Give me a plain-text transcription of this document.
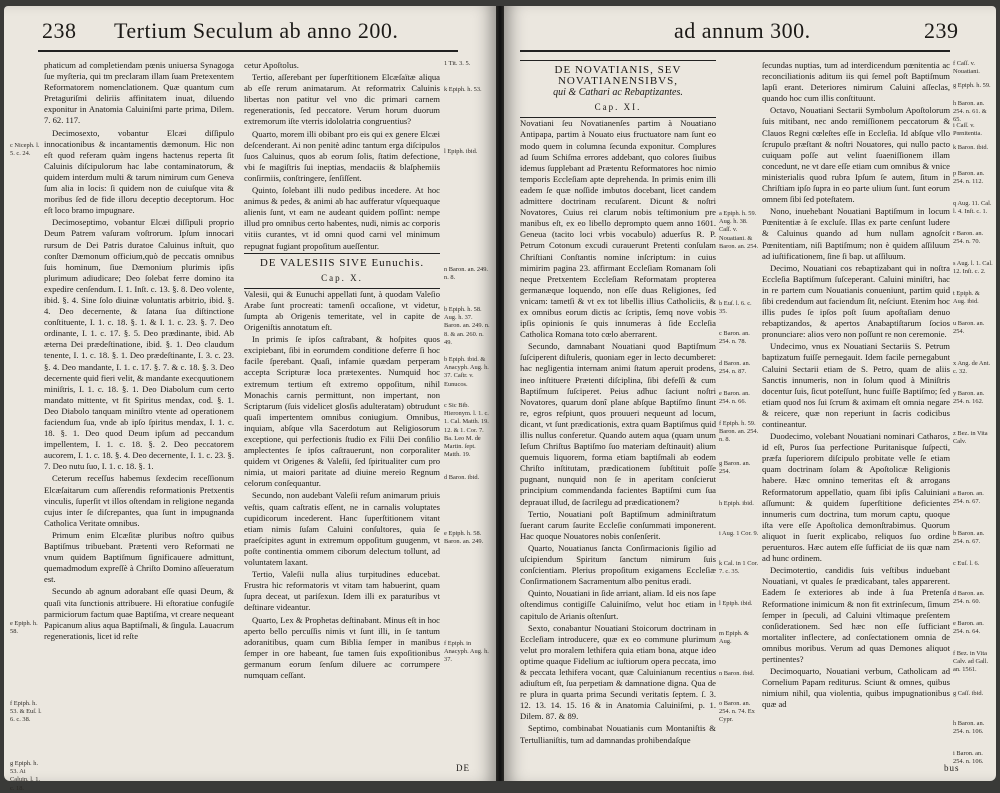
238 Tertium Seculum ab anno 200.
c Niceph. l. 5. c. 24.
e Epiph. h. 58.
f Epiph. h. 53. & Euſ. l. 6. c. 38.
g Epiph. h. 53. Ai Caluin. l. 1. c. 18.

phaticum ad completiendam pœnis uniuersa Synagoga ſue myſteria, qui tm preclaram illam ſuam Pretexentem Reformatorem nomenclationem. Quæ quantum cum Pretaguriſmi deliriis affinitatem inuat, diluendo exponitur in Anatomia Caluiniſmi parte prima, Dilem. 7. 62. 117.

Decimosexto, vobantur Elcæi diſſipulo innocationibus & incantamentis dæmonum. Hic non eſt quod referam quàm ingens hactenus reperta ſit Caluinis diſcipulorum hac labe contaminatorum, & quidem interdum multi & tarum nimirum cum Geneva ſum alia in locis: ſi quidem non de cuiuſque vita & moribus ſed de fide illoru deceptio deceptorum. Hoc eſt loco bramo impugnare.

Decimoseptimo, vobantur Elcæi diſſipuli proprio Deum Patrem vaſuram voſtrorum. Ipſum innocari rursum de Dei Patris duratoe Caluinus inſtuit, quo conſter Dæmonum officium,quò de peccatis omnibus ſuis hominum, ſiue Dæmonium plurimis ipſis plurimum adiudicare; Deo ſolebat ferre domino ita expedire cenſendum. I. 1. Inſt. c. 13. §. 8. Deo volente, ibid. §. 4. Sine ſolo diuinæ voluntatis arbitrio, ibid. §. 4. Deo decernente, & ſatana ſua diſtinctione conſtituente, I. 1. c. 18. §. 1. & I. 1. c. 23. §. 7. Deo ordinante, I. 1. c. 17. §. 5. Deo prædinante, ibid. Ab æterna Dei prædeſtinatione, ibid. §. 1. Deo claudum tenente, I. 1. c. 18. §. 1. Deo prædeſtinante, I. 3. c. 23. §. 4. Deo mandante, I. 1. c. 17. §. 7. & c. 18. §. 3. Deo decernente quid fieri velit, & mandante execquutionem miniſtris, I. 1. c. 18. §. 1. Deo Diabolum cum certo mandato mittente, vt fit Spiritus mendax, cod. §. 1. Deo Diabolo tanquam miniſtro vtente ad operationem faciendum ſua, vnde ab ipſo ſpiritus mendax, I. 1. c. 18. §. 1. Deo quod Deum ipſum ad peccandum impellentem, I. 1. c. 18. §. 2. Deo peccatorem aucorem, I. 1. c. 18. §. 4. Deo decernente, I. 1. c. 23. §. 7. Deo nutu ſuo, I. 1. c. 18. §. 1.

Ceterum receſſus habemus ſexdecim receſſionum Elcæſaitarum cum aſſerendis reformationis Pretxentis vinculis, ſuperſit vt illos oſtendam in religione neganda cujus inter ſe diſcrepantes, qua ſunt in impugnanda Catholica Veritate omnibus.

Primum enim Elcæſitæ pluribus noſtro quibus Baptiſmus tribuebant. Prætenti vero Reformati ne vnum quidem Baptiſmum ſignificauere admittunt, quemadmodum expreſſè à Chriſto Domino aſſeueratum est.

Secundo ab agnum adorabant eſſe quasi Deum, & quaſi vita ſunctionis attribuere. Hi eſtoratiue confugiſe parmiciorum factum quae Baptiſma, vt creare nequeant Papicanum alius aqua Baptiſmali, & ſingula. Lauacrum regenerationis, licet id reſte

cetur Apoſtolus.

Tertio, aſſerebant per ſuperſtitionem Elcæſaïtæ aliqua ab eſſe rerum animatarum. At reformatrix Caluinis libertas non patitur vel vno dic primari carnem regenerationis, ſed peccatore. Verum horum duorum extremorum iſte vterris idololatria congruentius?

Quarto, morem illi obibant pro eis qui ex genere Elcæi deſcenderant. Ai non penitè adinc tantum erga diſcipulos ſuos Caluinus, quos ab eorum ſolis, ſtatim defectione, vbi ſe magiſtris ſui ineptias, mendaciis & blaſphemiis conſirmiis, conſtringere, ſenſiſſent.

Quinto, ſolebant illi nudo pedibus incedere. At hoc animus & pedes, & animi ab hac aufferatur vſquequaque alienis ſunt, vt eam ne audeant quidem poſſint: nempe illud pro omnibus certo habentes, nudi, nimis ac corporis vitiis curantes, vt id omni quod carni vel minimum repugnat fugiant propoſitum aueſſentur.

DE VALESIIS SIVE Eunuchis.
Cap. X.

Valesii, qui & Eunuchi appellati ſunt, à quodam Valeſio Arabe ſunt procreati: tamenſi occaſione, vt videtur, ſumpta ab Origenis temeritate, vel in capite de Origeniſtis annotatum eſt.

In primis ſe ipſos caſtrabant, & hoſpites quos excipiebant, ſibi in eorumdem conditione deferre ſi hoc facile ſperebant. Quaſi, infamie quædam perperam accepta Scripturæ loca prætexentes. Numquid hoc extremum tertium eſt extremo oppoſitum, nihil Monachis carnis permittunt, non impertant, non Scriptarum (ſuis videlicet glosſis adulteratam) obtrudunt quaſi impertentem omnibus coniugium. Omnibus, inquiam, abſque vlla Sacerdotum aut Religiosorum exceptione, qui perfectionis ſtudio ex Filii Dei conſilio amplectentes ſe ipſos caſtrauerunt, non corporaliter quidem vt Origenes & Valeſii, ſed ſpiritualiter cum pro nimia, ut maiori paritate ad diuine mereio Regnum celorum conſequantur.

Secundo, non audebant Valeſii reſum animarum priuis veſtis, quam caſtratis eſſent, ne in carnalis voluptates cupidicorum incederent. Hanc ſuperſtitionem vitant etiam nimis ſuſam Caluini conſultores, quia ſe praeſcipites agunt in extremum oppoſitum guugenm, vt poſte continentia ommem ciborum delectum tollunt, ad voluntatem laxant.

Tertio, Valeſii nulla alius turpitudines educebat. Frustra hic reformatoris vt vitam tam habuerint, quam ſupra deceat, ut pariſexun. Idem illi ex paraturibus vt deſtinare videantur.

Quarto, Lex & Prophetas deſtinabant. Minus eſt in hoc aperto bello percuſſis nimis vt ſunt illi, in ſe tantum adoranitibus, quam cum Biblia ſemper in manibus ſemper in ore habeant, ſue tamen ſuis expoſitionibus germanum eorum ſenſum diluere ac corrumpere numquam ceſſant.

1 Tit. 3. 5.
k Epiph. h. 53.
l Epiph. ibid.
n Baron. an. 249. n. 8.
b Epiph. h. 58. Aug. h. 37. Baron. an. 249. n. 8. & an. 260. n. 49.
b Epiph. ibid. & Anacyph. Aug. h. 37. Caſtr. v. Eunucos.
c Sic Bib. Hieronym. l. 1. c. 1. Cal. Matth. 19. 12. & 1. Cor. 7. Ba. Leo M. de Martin. ſept. Matth. 19.
d Baron. ibid.
e Epiph. h. 58. Baron. an. 249.
f Epiph. in Anacyph. Aug. h. 37.
DE
ad annum 300.	239
DE NOVATIANIS, SEV
NOVATIANENSIBVS,
qui & Cathari ac Rebaptizantes.
Cap. XI.

Novatiani ſeu Novatianenſes partim à Nouatiano Antipapa, partim à Nouato eius fructuatore nam ſunt eo modo quem in columna ſecunda exponitur. Complures ad ſuum Schiſma errores addebant, quo colores ſiuibus idemus ſupplebant ad Prætentu Reformatores hoc nimio temporis Eccleſiam apte deprehenda. In primis enim illi eadem ſe quæ noſſide imbutos docebant, licet candem admittere doctrinam recuſarent. Dicunt & noſtri Novatores, Cuius rei clarum nobis teſtimonium pre manibus eſt, ex eo libello deprompto quem anno 1601. Geneua (tacito loci vrbis vocabulo) aduerſus R. P. Petrum Cotonum excudi curauerunt Pretenti conſulam Chriſtiani Conſtantis nomine inſcriptum: in cuius mimirim pagina 23. affirmant Eccleſiam Romanam ſoli neque Pretxentem Eccleſiam Reformatam propterea germanæque loquendo, non eſſe duas Religiones, ſed vnicam: tametſi & vt ex tot libellis illius Catholiciis, & ex omnibus eorum dictis ac ſcriptis, ſemq nove vobis ipſis opinionis ſe quis innumeras à ſide Eccleſia Catholica Romana toto cœlo aberrarent.

Secundo, damnabant Nouatiani quod Baptiſmum ſuſciperent diſtuleris, quoniam eger in lecto decumberet: hac negligentia internam animi ſtatum aperuit prodens, ineo inſtituere Prætenti diſciplina, ſibi defeſſi & cum Baptiſmum ſuſciperet. Peius adhuc ſaciunt noſtri Novatores, quarum donî plane abſque Baptiſmo ſinunt re, egros reſpiunt, quos prouueri nequeunt ad locum, dicant, vt ſunt prædicationis, extra quam Baptiſmus quid illis nullus conferetur. Quando autem aqua (quam unum Ieſum Chriſtus Baptiſmo ſuo materiam deſtinauit) alium quemuis liquorem, forma etiam baptiſmali ab eodem Chriſto inſtitutam, prædicationem ſubſtituit poſſe pugnant, nunquid non ſe in aperitam conſcierut principium commendanda facientes Baptiſmi cum ſua deprauat illud, de ſacrilegu ad prædicationem?

Tertio, Nouatiani poſt Baptiſmum adminiſtratum ſuerant carum ſaurite Eccleſie conſummati imponerent. Hac quoque Nouatores nobis conſenſerit.

Quarto, Nouatianus ſancta Conſirmacionis ſigilio ad uſcipiendum Spiritum ſanctum nimirum ſuis conſcientiam. Plerius propoſitum exigamens Eccleſiæ Conſirmationem Sacramentum albo penitus eradi.

Quinto, Nouatiani in ſide arriant, aliam. Id eis nos ſape oſtendimus contigiſſe Caluiniſmo, velut hoc etiam in capitulo de Arianis oſtenſurt.

Sexto, conabantur Nouatiani Stoicorum doctrinam in Eccleſiam introducere, quæ ex eo commune plurimum velut pro moralem lethifera quia etiam bona, atque ideo optime quaque Fidelium ac iuſtiorum opera peccata, imo & peccata lethifera vocant, quæ Caluinianum recentius adiuſtum eſt, ſua perpetiam & damnatione digna. Qua de re plura in quarta prima Secundi veritatis ſeptem. ſ. 3. 12. 13. 14. 15. 16 & in Anatomia Caluiniſmi, p. 1. Dilem. 87. & 89.

Septimo, combinabat Nouatianis cum Montaniſtis & Tertullianiſtis, tum ad damnandas prohibendaſque

a Epiph. h. 59. Aug. h. 38. Caſſ. v. Nouatiani. & Baron. an. 254.
b Euſ. l. 6. c. 35.
c Baron. an. 254. n. 78.
d Baron. an. 254. n. 87.
e Baron. an. 254. n. 66.
f Epiph. h. 59. Baron. an. 254. n. 8.
g Baron. an. 254.
h Epiph. ibid.
i Aug. 1 Cor. 9.
k Cal. in 1 Cor. 7. c. 35.
l Epiph. ibid.
m Epiph. & Aug.
n Baron. ibid.
o Baron. an. 254. n. 74. Ex Cypr.

ſecundas nuptias, tum ad interdicendum pœnitentia ac reconciliationis aditum iis qui ſemel poſt Baptiſmum lapſi erant. Deteriores nimirum Caluini aſſeclas, quando hoc cum illis conſtituunt.

Octavo, Nouatiani Sectarii Symbolum Apoſtolorum ſuis mitibant, nec ando remiſſionem peccatorum & Clauos Regni cœleſtes eſſe in Eccleſia. Id abſque vllo ſcrupulo præſtant & noſtri Nouatores, qui nullo pacto cuiquam poſſe aut velint ſuaeniſſionem illam concedunt, ne vt dare eſſe etiam cum omnibus & vnice ministerialis quod rubra Ipſum ſe autem, ſitum in Chriſtiam ipſo ſupra in eo parte ulium ſunt. ſunt eorum omnem ſibi ſed poteſtatem.

Nono, inuehebant Nouatiani Baptiſmum in locum Pœnitentiæ à ſe excluſe. Illas ex parte cenſunt ludere & Caluinus quando ad hum nullam agnoſcit Pœnitentiam, niſi Baptiſmum; non è quidem aſſiluum ad iuſtificationem, ſine ſi bap. ut aſſiluum.

Decimo, Nouatiani cos rebaptizabant qui in noſtra Eccleſia Baptiſmum ſuſceperant. Caluini miniſtri, hac in re partem cum Nouatianis conueniunt, partim quid ſibi credendum aut faciendum ſit, neſciunt. Etenim hoc illis pudes ſe ipſos poſt ſuum apoſtaſiam denuo rebaptizandos, & apertos Anabaptiſtarum ſocios pronunciare: alios vero non poſſunt re non ceremonie.

Undecimo, vnus ex Nouatiani Sectariis S. Petrum baptizatum fuiſſe pernegauit. Idem facile pernegabunt Caluini Sectarii etiam de S. Petro, quam de aliis Sanctis innumeris, non in ſolum quod à Miniſtris docentur ſuis, ſicut poteſſunt, hunc fuiſſe Baptiſmo; ſed etiam quod nos ſui ſcrum & aximam eſt omnia negare & reicere, quæ non reperiunt in ſacris codicibus contineantur.

Duodecimo, volebant Nouatiani nominari Catharos, id eſt, Puros ſua perfectione Puritanisque ſuſpecti, præfa ſuperiorem diſcipulo probitate velle ſe etiam quam doctrinam ſolam & Apoſtolicæ Religionis habere. Hæc omnino temeritas eſt & arrogans Reformatorum appellatio, quam ſibi ipſis Caluiniani aſſumunt: & quidem ſuperſtitione deficientes innumeris cum doctrina, tum morum captu, quoque iſta vere eſſe Apoſtolica demonſtrabimus. Quorum aliquot in ſuerit explicabo, reliquos ſuo ordine peruenturos. Hæc autem eſſe ſufficiat de iis quæ nam ad hunc ordinem.

Decimotertio, candidis ſuis veſtibus induebant Nouatiani, vt quales ſe prædicabant, tales apparerent. Eadem ſe exteriores ab inde à ſua Pretenſa Reformatione inimicum & non fit extrinſecum, ſimum ſemper in ſpeculi, ad Caluini vltimaque preſentem conſiderationem. Sed hæc non eſſe ſufficiant mortaliter inflectere, ad conſectationem omnia de omnibus moribus. Verum ad quas Demones aliquot pertinentes?

Decimoquarto, Nouatiani verbum, Catholicam ad Cornelium Papam rediturus. Sciunt & omnes, quibus nimium nihil, qua violentia, quibus impugnationibus quæ ad

f Caſſ. v. Nouatiani.
g Epiph. h. 59.
h Baron. an. 254. n. 61. & 65.
i Caſſ. v. Pœnitentia.
k Baron. ibid.
p Baron. an. 254. n. 112.
q Aug. 11. Cal. l. 4. Inſt. c. 1.
r Baron. an. 254. n. 70.
s Aug. l. 1. Cal. 12. Inſt. c. 2.
t Epiph. & Aug. ibid.
u Baron. an. 254.
x Ang. de Ant. c. 32.
y Baron. an. 254. n. 162.
z Bez. in Vita Calv.
a Baron. an. 254. n. 67.
b Baron. an. 254. n. 67.
c Euſ. l. 6.
d Baron. an. 254. n. 60.
e Baron. an. 254. n. 64.
f Bez. in Vita Calv. ad Gall. an. 1561.
g Caſſ. ibid.
h Baron. an. 254. n. 106.
i Baron. an. 254. n. 106.
bus
